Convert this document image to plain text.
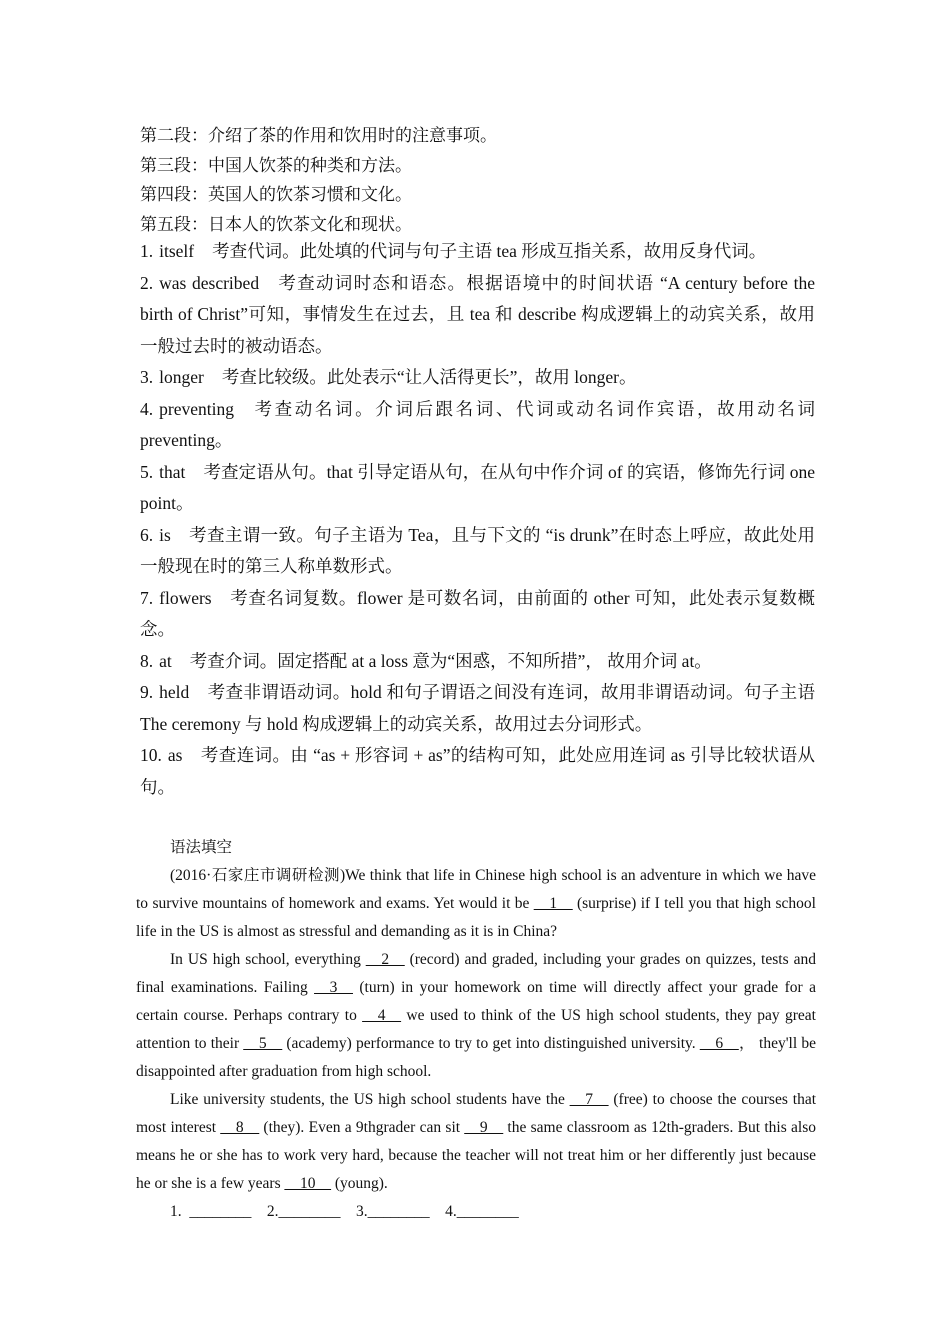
第二段：介绍了茶的作用和饮用时的注意事项。
第三段：中国人饮茶的种类和方法。
第四段：英国人的饮茶习惯和文化。
第五段：日本人的饮茶文化和现状。
1. itself 考查代词。此处填的代词与句子主语 tea 形成互指关系，故用反身代词。
2. was described 考查动词时态和语态。根据语境中的时间状语 “A century before the birth of Christ”可知，事情发生在过去，且 tea 和 describe 构成逻辑上的动宾关系，故用一般过去时的被动语态。
3. longer 考查比较级。此处表示“让人活得更长”，故用 longer。
4. preventing 考查动名词。介词后跟名词、代词或动名词作宾语，故用动名词 preventing。
5. that 考查定语从句。that 引导定语从句，在从句中作介词 of 的宾语，修饰先行词 one point。
6. is 考查主谓一致。句子主语为 Tea，且与下文的 “is drunk”在时态上呼应，故此处用一般现在时的第三人称单数形式。
7. flowers 考查名词复数。flower 是可数名词，由前面的 other 可知，此处表示复数概念。
8. at 考查介词。固定搭配 at a loss 意为“困惑，不知所措”， 故用介词 at。
9. held 考查非谓语动词。hold 和句子谓语之间没有连词，故用非谓语动词。句子主语 The ceremony 与 hold 构成逻辑上的动宾关系，故用过去分词形式。
10. as 考查连词。由 “as + 形容词 + as”的结构可知，此处应用连词 as 引导比较状语从句。
语法填空
(2016·石家庄市调研检测)We think that life in Chinese high school is an adventure in which we have to survive mountains of homework and exams. Yet would it be __1__ (surprise) if I tell you that high school life in the US is almost as stressful and demanding as it is in China?
In US high school, everything __2__ (record) and graded, including your grades on quizzes, tests and final examinations. Failing __3__ (turn) in your homework on time will directly affect your grade for a certain course. Perhaps contrary to __4__ we used to think of the US high school students, they pay great attention to their __5__ (academy) performance to try to get into distinguished university. __6__， they'll be disappointed after graduation from high school.
Like university students, the US high school students have the __7__ (free) to choose the courses that most interest __8__ (they). Even a 9thgrader can sit __9__ the same classroom as 12th-graders. But this also means he or she has to work very hard, because the teacher will not treat him or her differently just because he or she is a few years __10__ (young).
1.  ________ 2.________ 3.________ 4.________
